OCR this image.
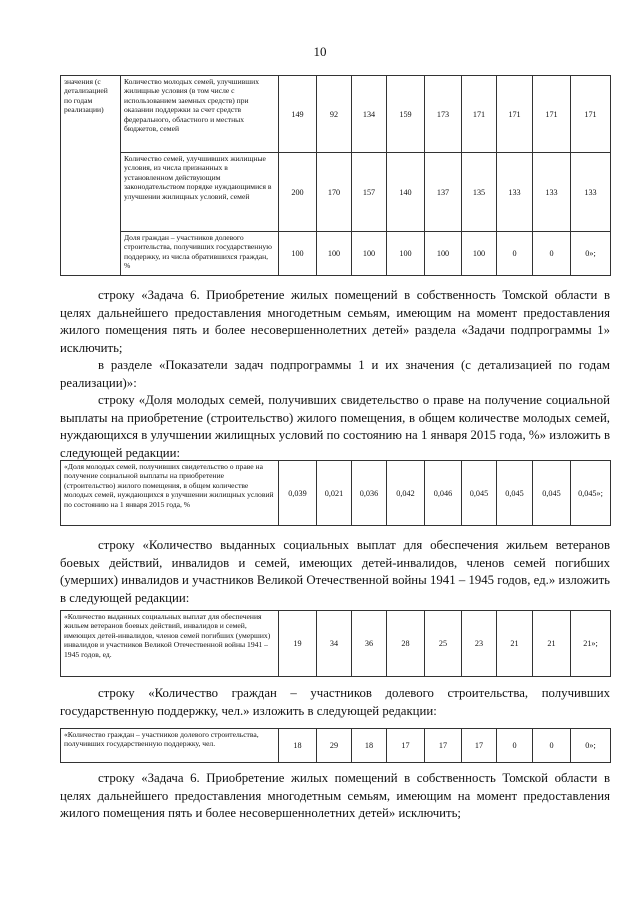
10
значения (с детализацией по годам реализации)	Количество молодых семей, улучшивших жилищные условия (в том числе с использованием заемных средств) при оказании поддержки за счет средств федерального, областного и местных бюджетов, семей	149	92	134	159	173	171	171	171	171
	Количество семей, улучшивших жилищные условия, из числа признанных в установленном действующим законодательством порядке нуждающимися в улучшении жилищных условий, семей	200	170	157	140	137	135	133	133	133
	Доля граждан – участников долевого строительства, получивших государственную поддержку, из числа обратившихся граждан, %	100	100	100	100	100	100	0	0	0»;

строку «Задача 6. Приобретение жилых помещений в собственность Томской области в целях дальнейшего предоставления многодетным семьям, имеющим на момент предоставления жилого помещения пять и более несовершеннолетних детей» раздела «Задачи подпрограммы 1» исключить;

в разделе «Показатели задач подпрограммы 1 и их значения (с детализацией по годам реализации)»:

строку «Доля молодых семей, получивших свидетельство о праве на получение социальной выплаты на приобретение (строительство) жилого помещения, в общем количестве молодых семей, нуждающихся в улучшении жилищных условий по состоянию на 1 января 2015 года, %» изложить в следующей редакции:

«Доля молодых семей, получивших свидетельство о праве на получение социальной выплаты на приобретение (строительство) жилого помещения, в общем количестве молодых семей, нуждающихся в улучшении жилищных условий по состоянию на 1 января 2015 года, %	0,039	0,021	0,036	0,042	0,046	0,045	0,045	0,045	0,045»;

строку «Количество выданных социальных выплат для обеспечения жильем ветеранов боевых действий, инвалидов и семей, имеющих детей-инвалидов, членов семей погибших (умерших) инвалидов и участников Великой Отечественной войны 1941 – 1945 годов, ед.» изложить в следующей редакции:

«Количество выданных социальных выплат для обеспечения жильем ветеранов боевых действий, инвалидов и семей, имеющих детей-инвалидов, членов семей погибших (умерших) инвалидов и участников Великой Отечественной войны 1941 – 1945 годов, ед.	19	34	36	28	25	23	21	21	21»;

строку «Количество граждан – участников долевого строительства, получивших государственную поддержку, чел.» изложить в следующей редакции:

«Количество граждан – участников долевого строительства, получивших государственную поддержку, чел.	18	29	18	17	17	17	0	0	0»;

строку «Задача 6. Приобретение жилых помещений в собственность Томской области в целях дальнейшего предоставления многодетным семьям, имеющим на момент предоставления жилого помещения пять и более несовершеннолетних детей» исключить;
